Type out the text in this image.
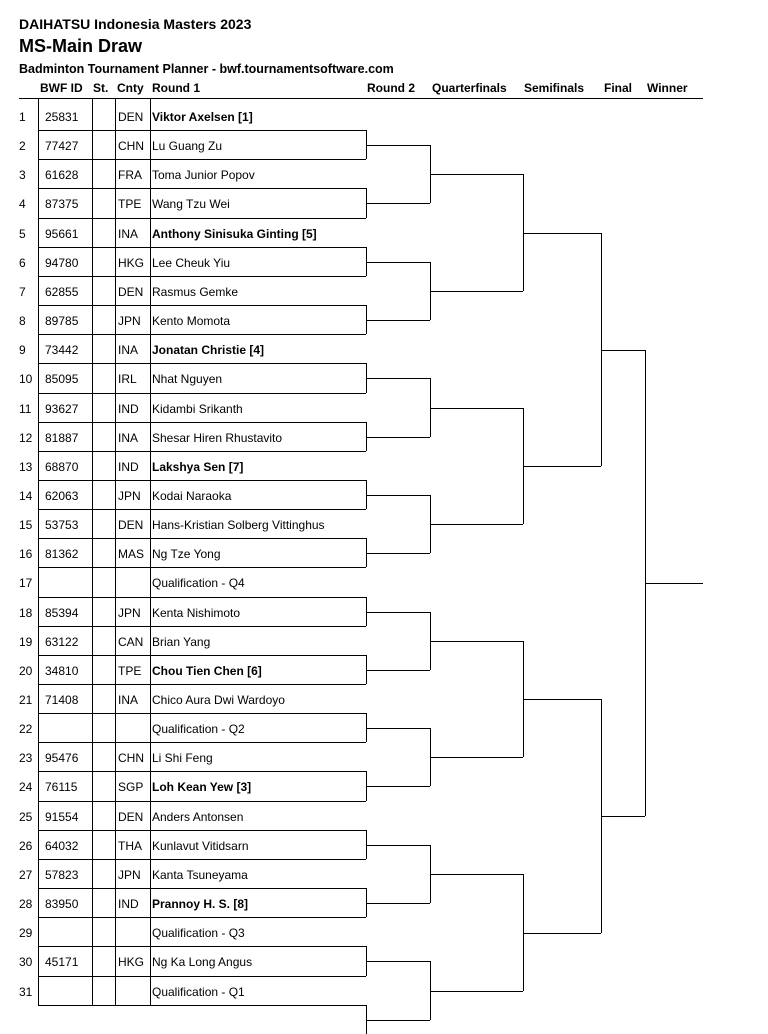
DAIHATSU Indonesia Masters 2023
MS-Main Draw
Badminton Tournament Planner - bwf.tournamentsoftware.com
BWF ID St. Cnty Round 1	Round 2 Quarterfinals Semifinals Final Winner
1 25831	DEN Viktor Axelsen [1]
2 77427	CHN Lu Guang Zu
3 61628	FRA Toma Junior Popov
4 87375	TPE Wang Tzu Wei
5 95661	INA Anthony Sinisuka Ginting [5]
6 94780	HKG Lee Cheuk Yiu
7 62855	DEN Rasmus Gemke
8 89785	JPN Kento Momota
9 73442	INA Jonatan Christie [4]
10 85095	IRL Nhat Nguyen
11 93627	IND Kidambi Srikanth
12 81887	INA Shesar Hiren Rhustavito
13 68870	IND Lakshya Sen [7]
14 62063	JPN Kodai Naraoka
15 53753	DEN Hans-Kristian Solberg Vittinghus
16 81362	MAS Ng Tze Yong
17	Qualification - Q4
18 85394	JPN Kenta Nishimoto
19 63122	CAN Brian Yang
20 34810	TPE Chou Tien Chen [6]
21 71408	INA Chico Aura Dwi Wardoyo
22	Qualification - Q2
23 95476	CHN Li Shi Feng
24 76115	SGP Loh Kean Yew [3]
25 91554	DEN Anders Antonsen
26 64032	THA Kunlavut Vitidsarn
27 57823	JPN Kanta Tsuneyama
28 83950	IND Prannoy H. S. [8]
29	Qualification - Q3
30 45171	HKG Ng Ka Long Angus
31	Qualification - Q1
